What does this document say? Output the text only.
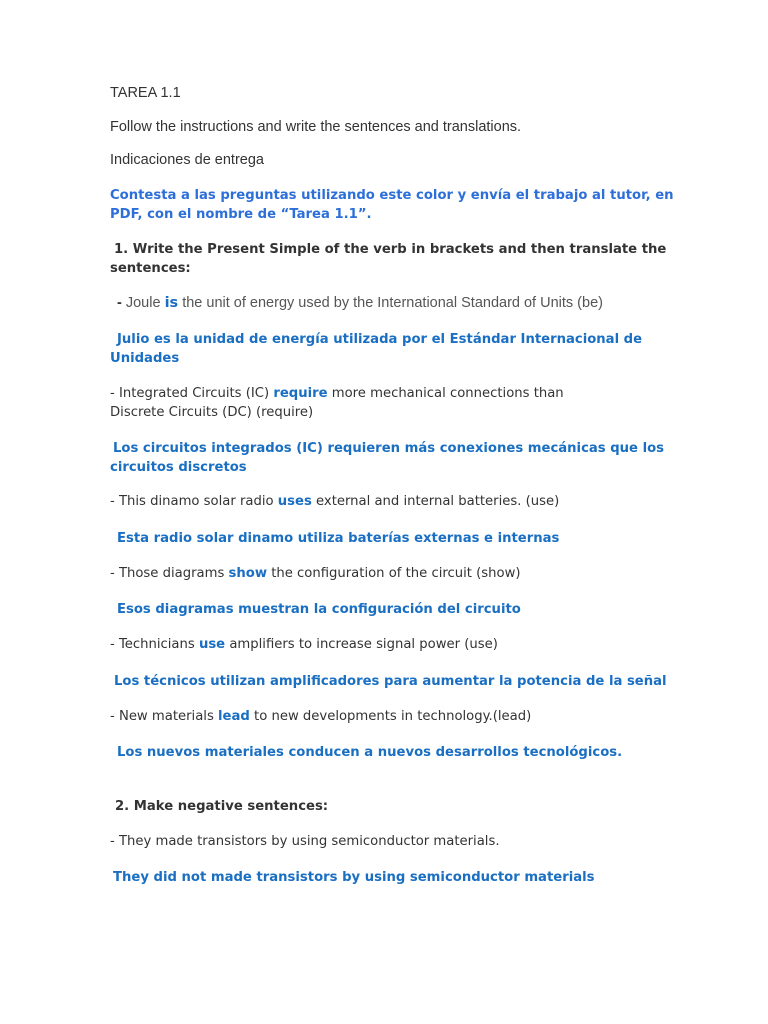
TAREA 1.1

Follow the instructions and write the sentences and translations.

Indicaciones de entrega

Contesta a las preguntas utilizando este color y envía el trabajo al tutor, en

PDF, con el nombre de “Tarea 1.1”.

1. Write the Present Simple of the verb in brackets and then translate the

sentences:

- Joule is the unit of energy used by the International Standard of Units (be)

Julio es la unidad de energía utilizada por el Estándar Internacional de

Unidades

- Integrated Circuits (IC) require more mechanical connections than

Discrete Circuits (DC) (require)

Los circuitos integrados (IC) requieren más conexiones mecánicas que los

circuitos discretos

- This dinamo solar radio uses external and internal batteries. (use)

Esta radio solar dinamo utiliza baterías externas e internas

- Those diagrams show the configuration of the circuit (show)

Esos diagramas muestran la configuración del circuito

- Technicians use amplifiers to increase signal power (use)

Los técnicos utilizan amplificadores para aumentar la potencia de la señal

- New materials lead to new developments in technology.(lead)

Los nuevos materiales conducen a nuevos desarrollos tecnológicos.

2. Make negative sentences:

- They made transistors by using semiconductor materials.

They did not made transistors by using semiconductor materials
